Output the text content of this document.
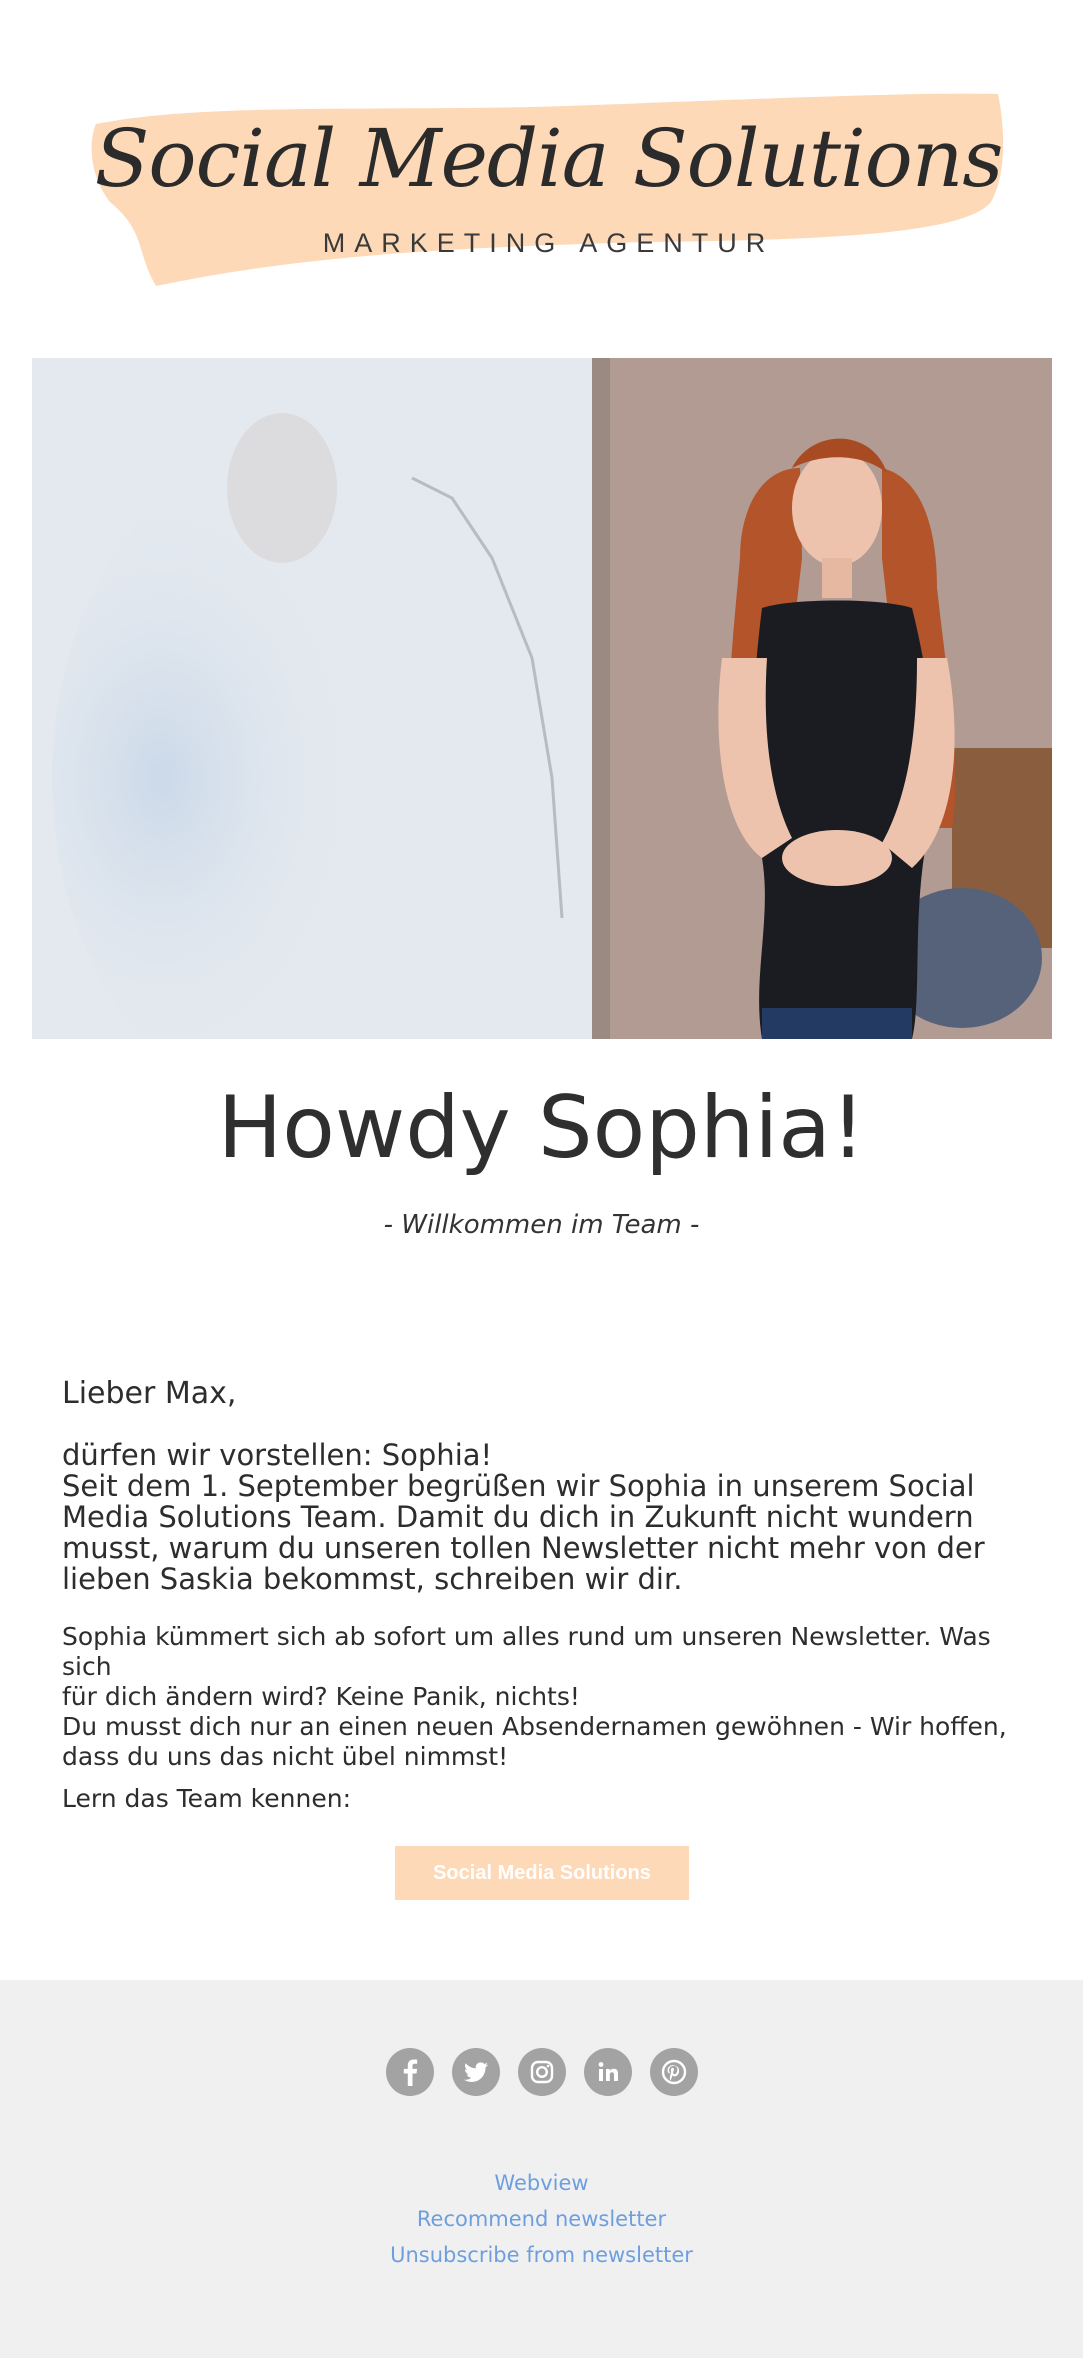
Social Media Solutions
MARKETING AGENTUR
Howdy Sophia!
- Willkommen im Team -
Lieber Max,
dürfen wir vorstellen: Sophia!
Seit dem 1. September begrüßen wir Sophia in unserem Social
Media Solutions Team. Damit du dich in Zukunft nicht wundern
musst, warum du unseren tollen Newsletter nicht mehr von der
lieben Saskia bekommst, schreiben wir dir.
Sophia kümmert sich ab sofort um alles rund um unseren Newsletter. Was sich
für dich ändern wird? Keine Panik, nichts!
Du musst dich nur an einen neuen Absendernamen gewöhnen - Wir hoffen,
dass du uns das nicht übel nimmst!
Lern das Team kennen:
Social Media Solutions

Webview
Recommend newsletter
Unsubscribe from newsletter
